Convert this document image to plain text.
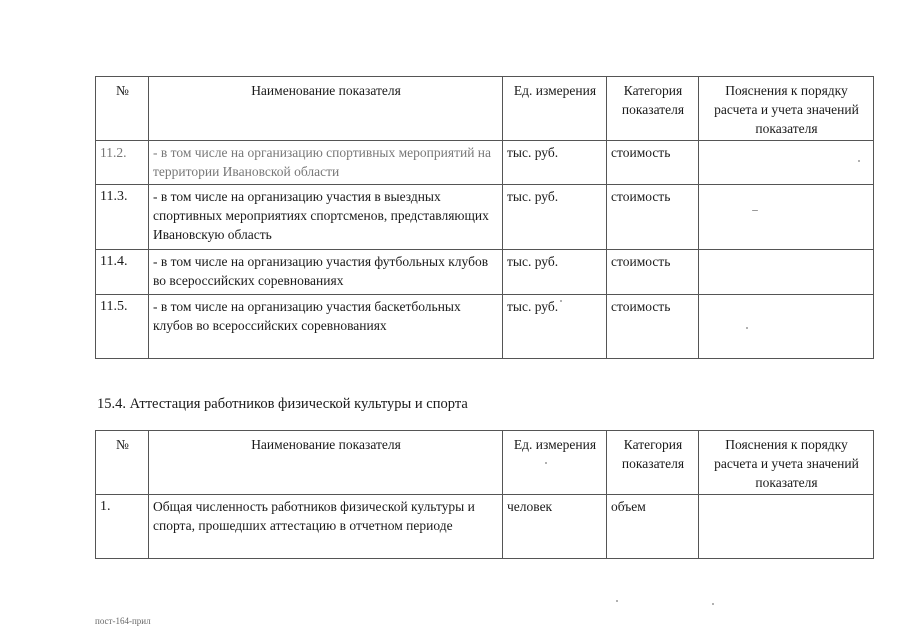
№	Наименование показателя	Ед. измерения	Категория показателя	Пояснения к порядку расчета и учета значений показателя
11.2.	- в том числе на организацию спортивных мероприятий на территории Ивановской области	тыс. руб.	стоимость	
11.3.	- в том числе на организацию участия в выездных спортивных мероприятиях спортсменов, представляющих Ивановскую область	тыс. руб.	стоимость	
11.4.	- в том числе на организацию участия футбольных клубов во всероссийских соревнованиях	тыс. руб.	стоимость	
11.5.	- в том числе на организацию участия баскетбольных клубов во всероссийских соревнованиях	тыс. руб.	стоимость	
15.4. Аттестация работников физической культуры и спорта
№	Наименование показателя	Ед. измерения	Категория показателя	Пояснения к порядку расчета и учета значений показателя
1.	Общая численность работников физической культуры и спорта, прошедших аттестацию в отчетном периоде	человек	объем	
пост-164-прил
